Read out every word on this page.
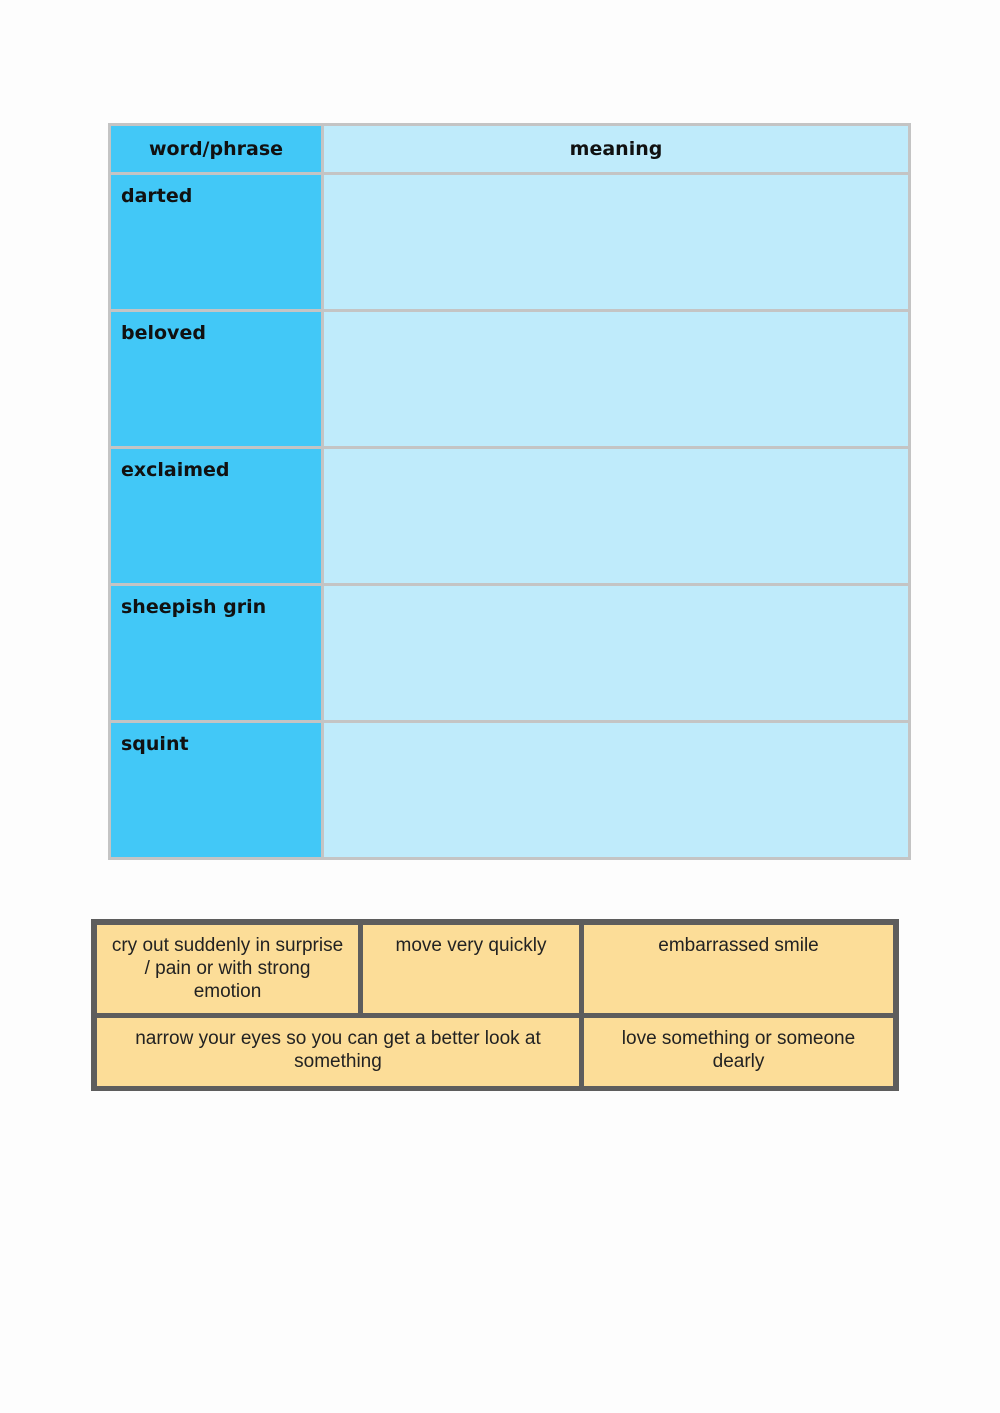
word/phrase	meaning
darted
beloved
exclaimed
sheepish grin
squint
cry out suddenly in surprise / pain or with strong emotion
move very quickly	embarrassed smile
narrow your eyes so you can get a better look at something
love something or someone dearly
